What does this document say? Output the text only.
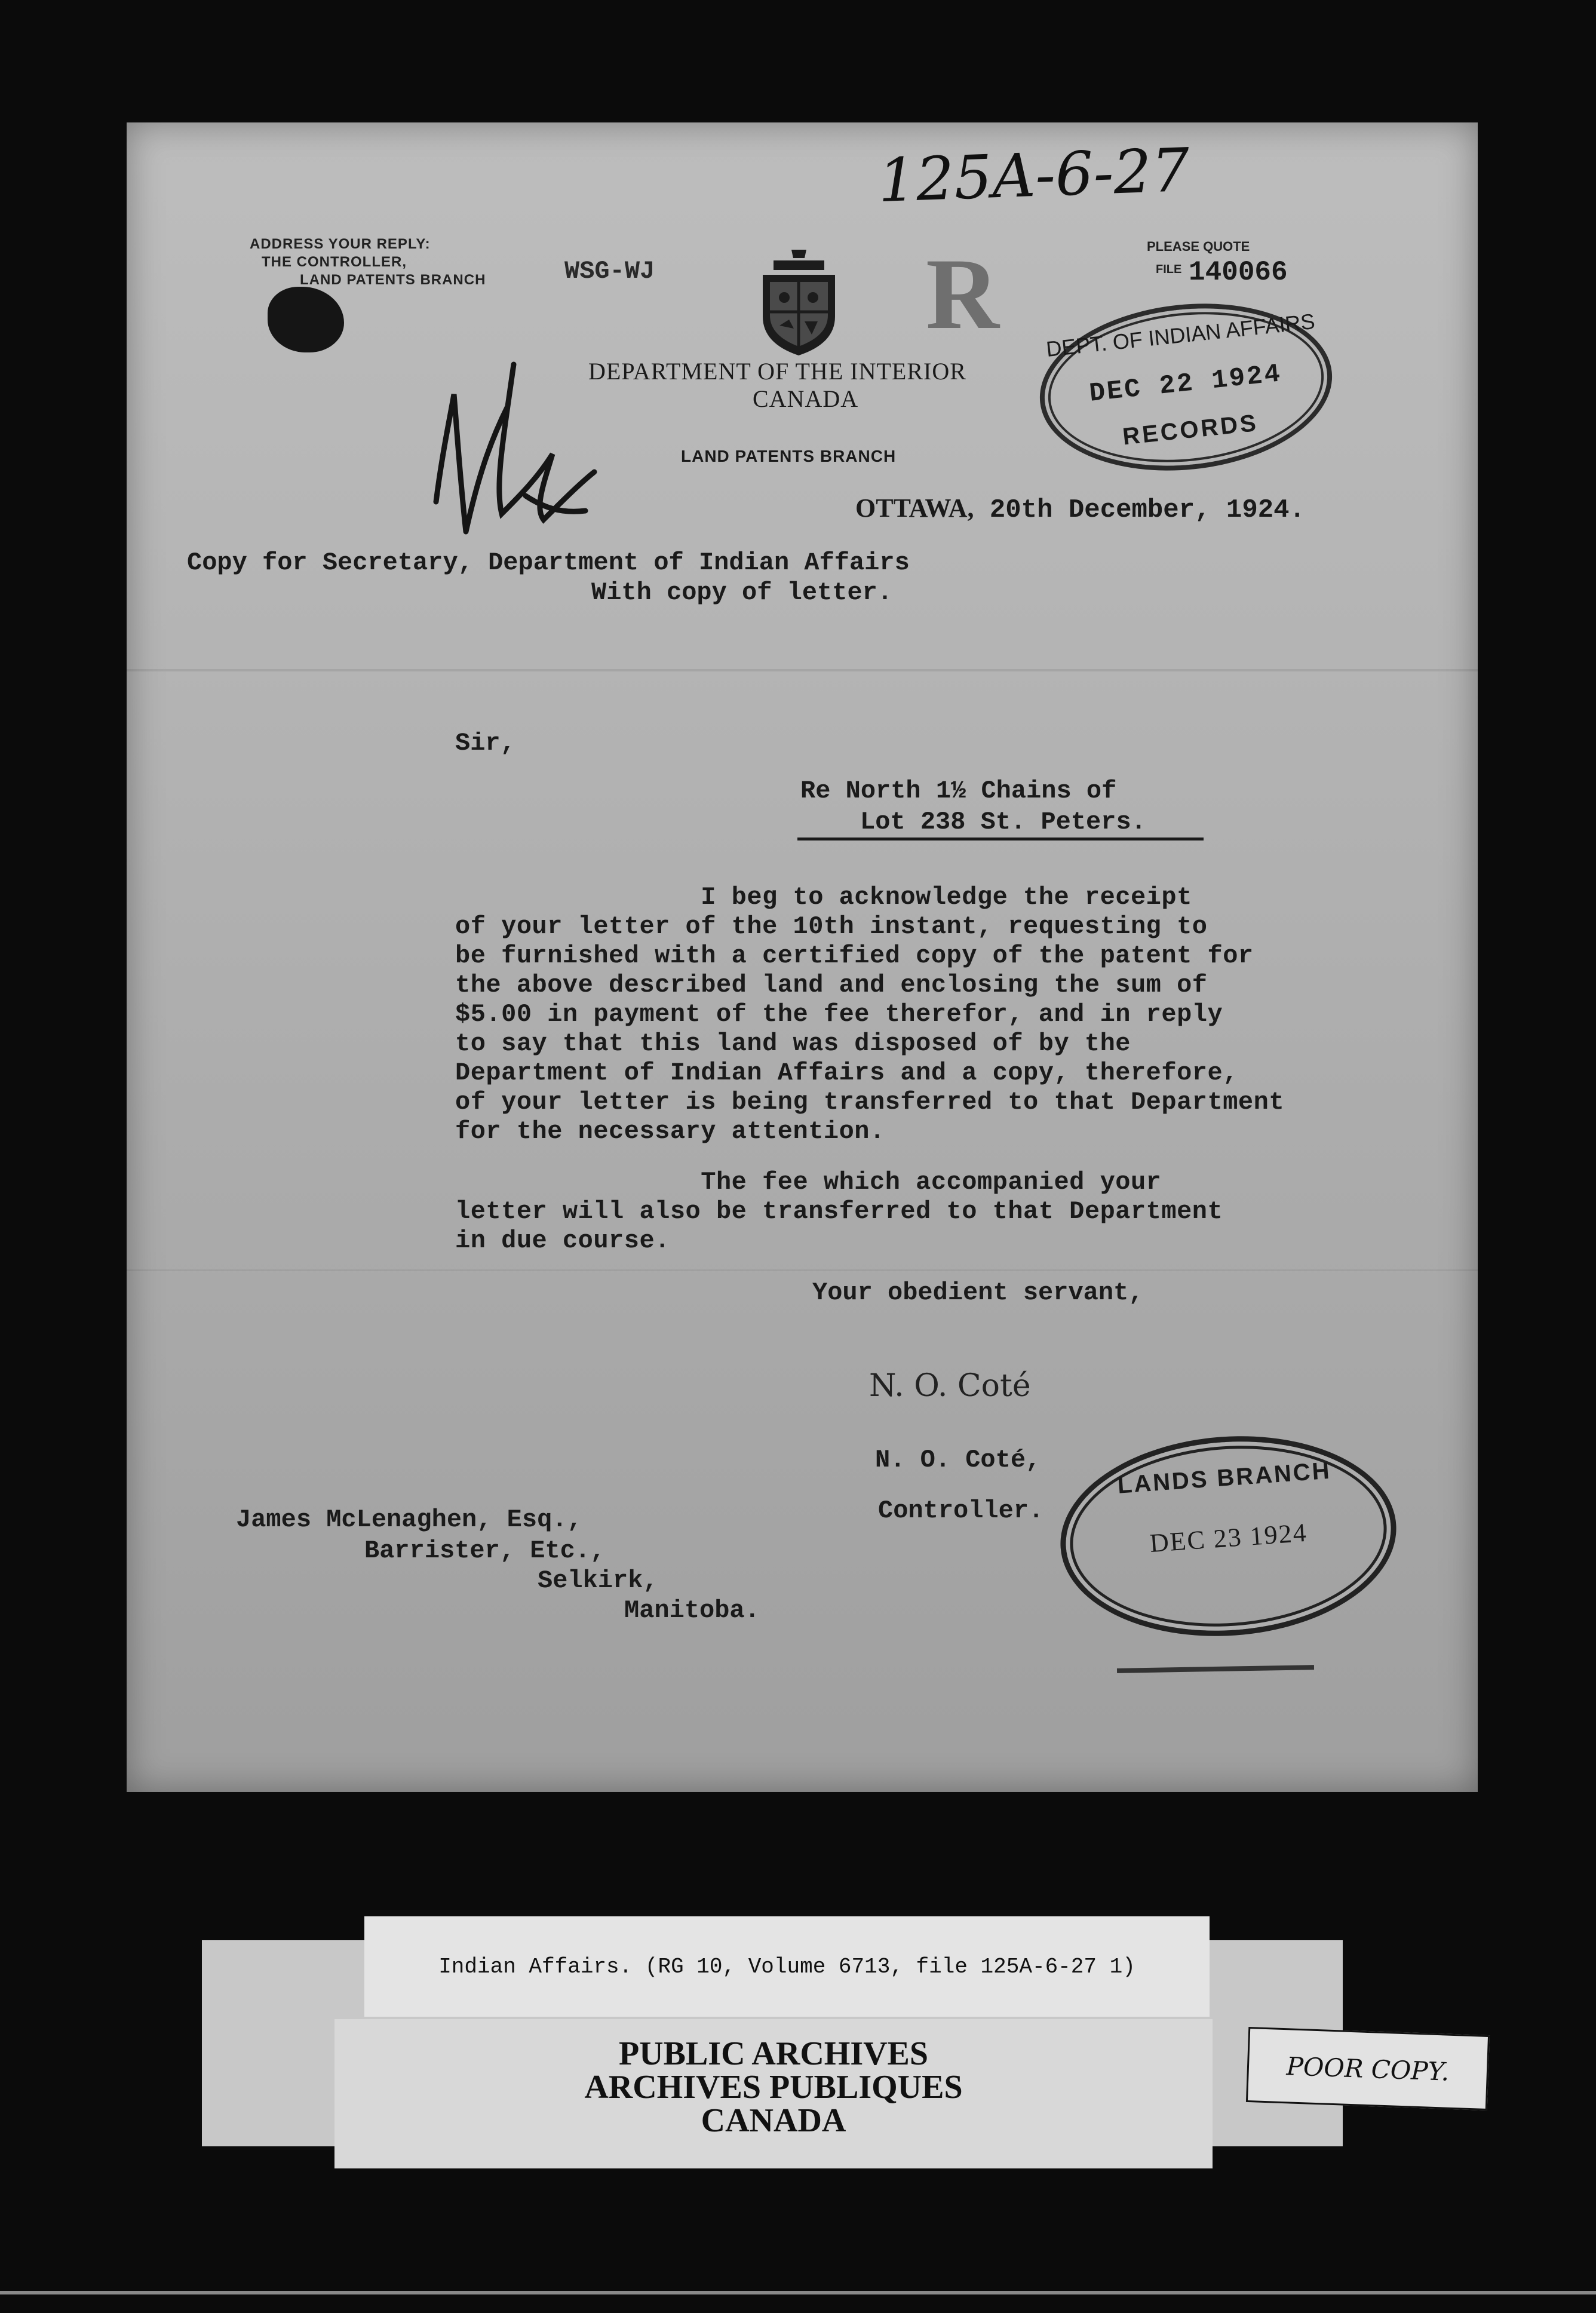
125A-6-27
ADDRESS YOUR REPLY:
THE CONTROLLER,
LAND PATENTS BRANCH	WSG-WJ	R	PLEASE QUOTE
FILE 140066
DEPARTMENT OF THE INTERIOR
CANADA
LAND PATENTS BRANCH
DEPT. OF INDIAN AFFAIRS
DEC 22 1924
RECORDS
OTTAWA, 20th December, 1924.
Copy for Secretary, Department of Indian Affairs
With copy of letter.
Sir,
Re North 1½ Chains of
Lot 238 St. Peters.
I beg to acknowledge the receipt
of your letter of the 10th instant, requesting to
be furnished with a certified copy of the patent for
the above described land and enclosing the sum of
$5.00 in payment of the fee therefor, and in reply
to say that this land was disposed of by the
Department of Indian Affairs and a copy, therefore,
of your letter is being transferred to that Department
for the necessary attention.
The fee which accompanied your
letter will also be transferred to that Department
in due course.
Your obedient servant,
N. O. Coté
N. O. Coté,
Controller.
LANDS BRANCH
DEC 23 1924
James McLenaghen, Esq.,
Barrister, Etc.,
Selkirk,
Manitoba.
Indian Affairs. (RG 10, Volume 6713, file 125A-6-27 1)
PUBLIC ARCHIVES
ARCHIVES PUBLIQUES
CANADA
POOR COPY.
